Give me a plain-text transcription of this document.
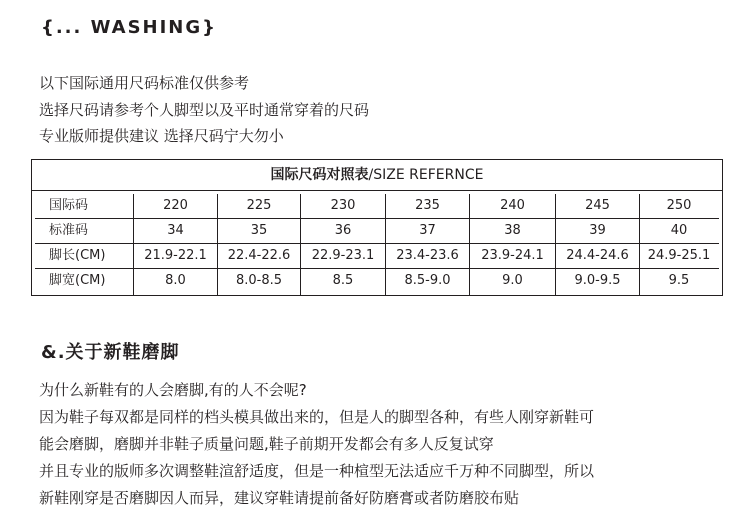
{... WASHING}
以下国际通用尺码标准仅供参考
选择尺码请参考个人脚型以及平时通常穿着的尺码
专业版师提供建议 选择尺码宁大勿小
国际尺码对照表/SIZE REFERNCE
国际码	220	225	230	235	240	245	250
标准码	34	35	36	37	38	39	40
脚长(CM)	21.9-22.1	22.4-22.6	22.9-23.1	23.4-23.6	23.9-24.1	24.4-24.6	24.9-25.1
脚宽(CM)	8.0	8.0-8.5	8.5	8.5-9.0	9.0	9.0-9.5	9.5
&.关于新鞋磨脚
为什么新鞋有的人会磨脚,有的人不会呢?
因为鞋子每双都是同样的档头模具做出来的，但是人的脚型各种，有些人刚穿新鞋可
能会磨脚，磨脚并非鞋子质量问题,鞋子前期开发都会有多人反复试穿
并且专业的版师多次调整鞋渲舒适度，但是一种楦型无法适应千万种不同脚型，所以
新鞋刚穿是否磨脚因人而异，建议穿鞋请提前备好防磨膏或者防磨胶布贴
